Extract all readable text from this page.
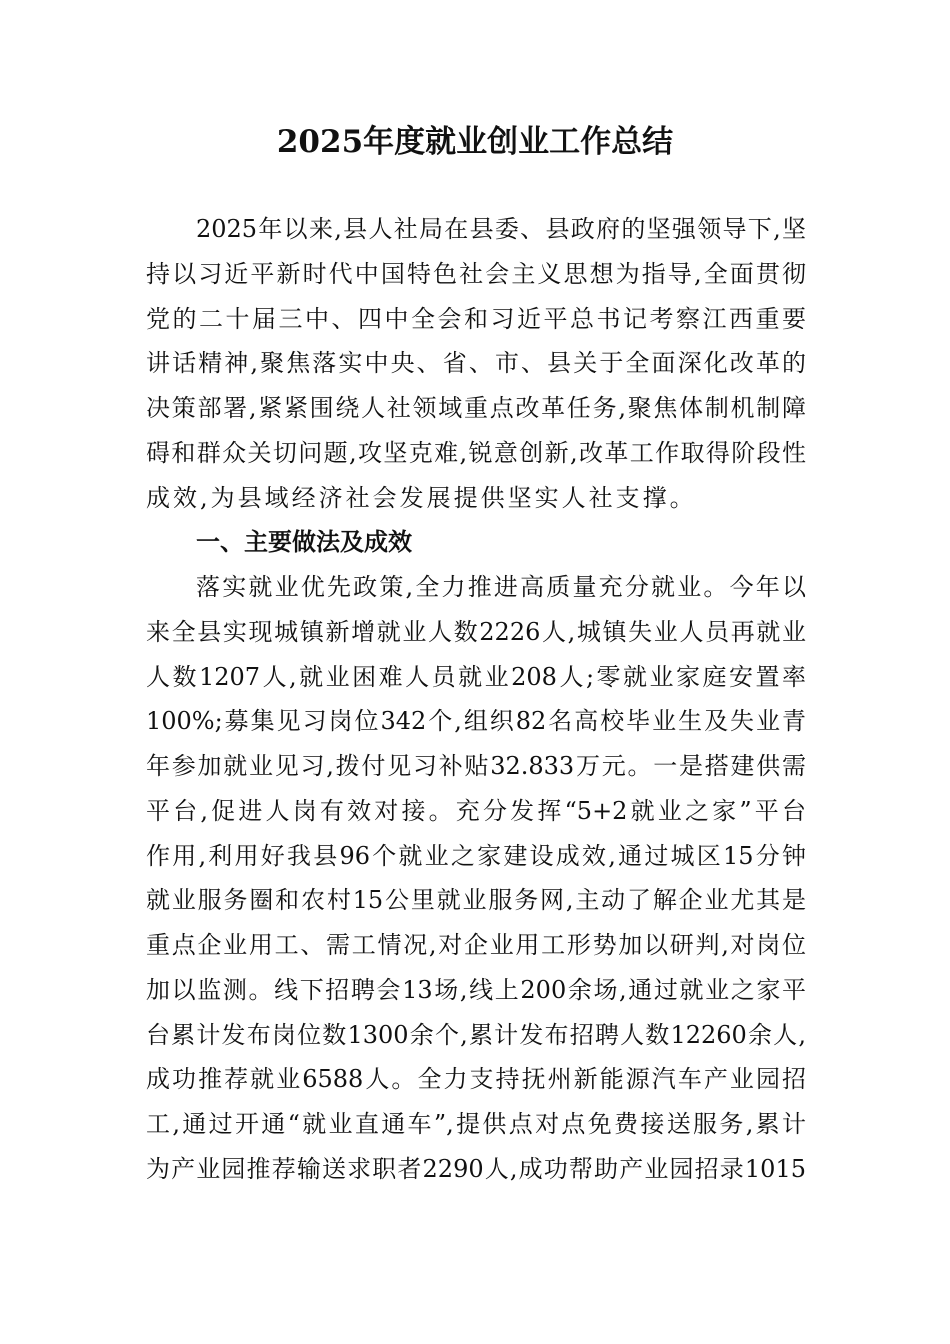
2025年度就业创业工作总结
2025年以来,县人社局在县委、县政府的坚强领导下,坚
持以习近平新时代中国特色社会主义思想为指导,全面贯彻
党的二十届三中、四中全会和习近平总书记考察江西重要
讲话精神,聚焦落实中央、省、市、县关于全面深化改革的
决策部署,紧紧围绕人社领域重点改革任务,聚焦体制机制障
碍和群众关切问题,攻坚克难,锐意创新,改革工作取得阶段性
成效,为县域经济社会发展提供坚实人社支撑。
一、主要做法及成效
落实就业优先政策,全力推进高质量充分就业。今年以
来全县实现城镇新增就业人数2226人,城镇失业人员再就业
人数1207人,就业困难人员就业208人;零就业家庭安置率
100%;募集见习岗位342个,组织82名高校毕业生及失业青
年参加就业见习,拨付见习补贴32.833万元。一是搭建供需
平台,促进人岗有效对接。充分发挥“5+2就业之家”平台
作用,利用好我县96个就业之家建设成效,通过城区15分钟
就业服务圈和农村15公里就业服务网,主动了解企业尤其是
重点企业用工、需工情况,对企业用工形势加以研判,对岗位
加以监测。线下招聘会13场,线上200余场,通过就业之家平
台累计发布岗位数1300余个,累计发布招聘人数12260余人,
成功推荐就业6588人。全力支持抚州新能源汽车产业园招
工,通过开通“就业直通车”,提供点对点免费接送服务,累计
为产业园推荐输送求职者2290人,成功帮助产业园招录1015
